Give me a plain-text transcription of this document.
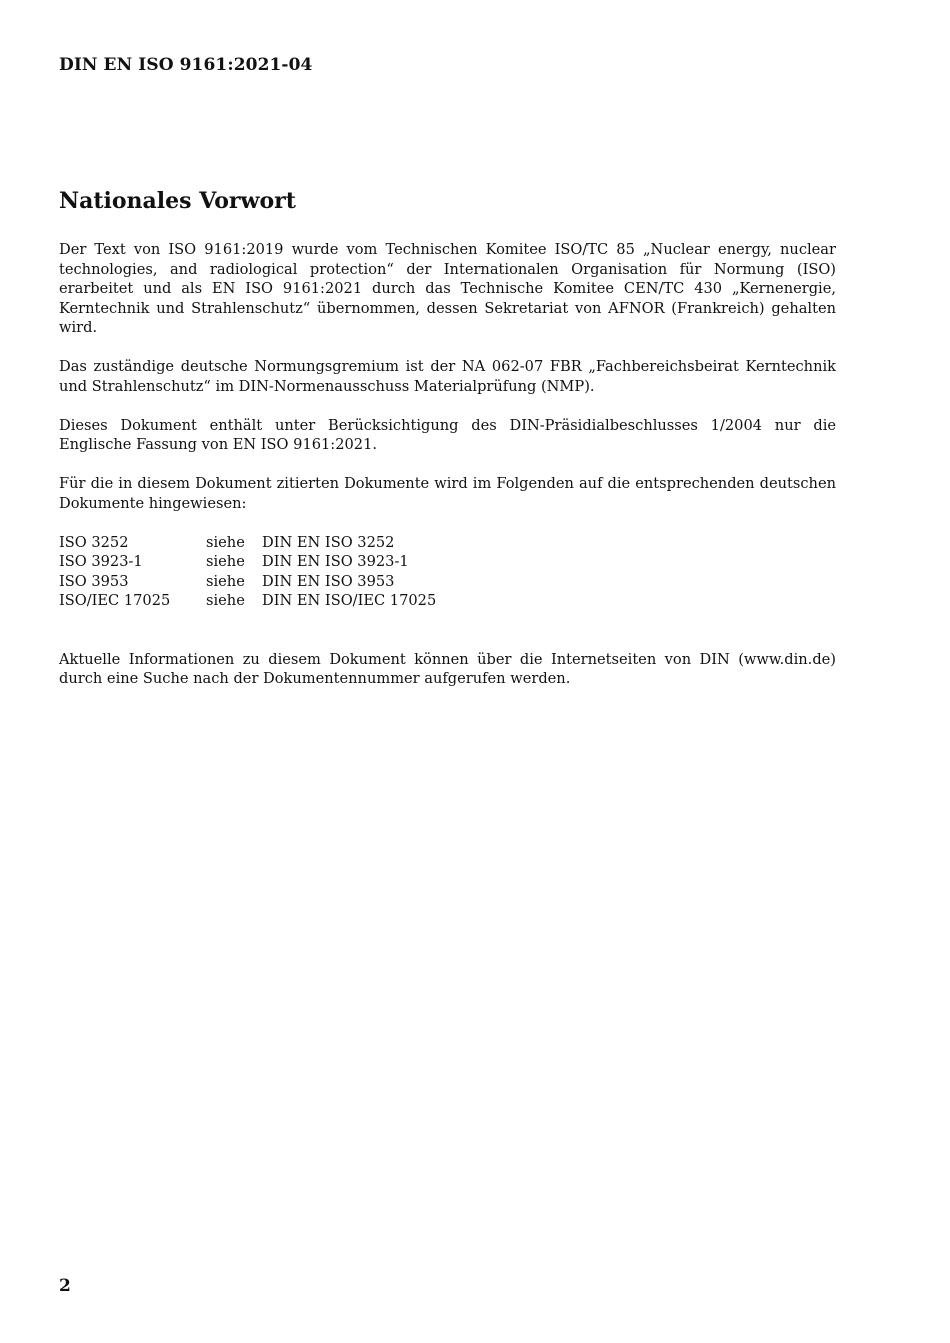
DIN EN ISO 9161:2021-04
Nationales Vorwort

Der Text von ISO 9161:2019 wurde vom Technischen Komitee ISO/TC 85 „Nuclear energy, nuclear technologies, and radiological protection“ der Internationalen Organisation für Normung (ISO) erarbeitet und als EN ISO 9161:2021 durch das Technische Komitee CEN/TC 430 „Kernenergie, Kerntechnik und Strahlenschutz“ übernommen, dessen Sekretariat von AFNOR (Frankreich) gehalten wird.

Das zuständige deutsche Normungsgremium ist der NA 062-07 FBR „Fachbereichsbeirat Kerntechnik und Strahlenschutz“ im DIN-Normenausschuss Materialprüfung (NMP).

Dieses Dokument enthält unter Berücksichtigung des DIN-Präsidialbeschlusses 1/2004 nur die Englische Fassung von EN ISO 9161:2021.

Für die in diesem Dokument zitierten Dokumente wird im Folgenden auf die entsprechenden deutschen Dokumente hingewiesen:

ISO 3252	siehe	DIN EN ISO 3252
ISO 3923-1	siehe	DIN EN ISO 3923-1
ISO 3953	siehe	DIN EN ISO 3953
ISO/IEC 17025	siehe	DIN EN ISO/IEC 17025

Aktuelle Informationen zu diesem Dokument können über die Internetseiten von DIN (www.din.de) durch eine Suche nach der Dokumentennummer aufgerufen werden.

2
